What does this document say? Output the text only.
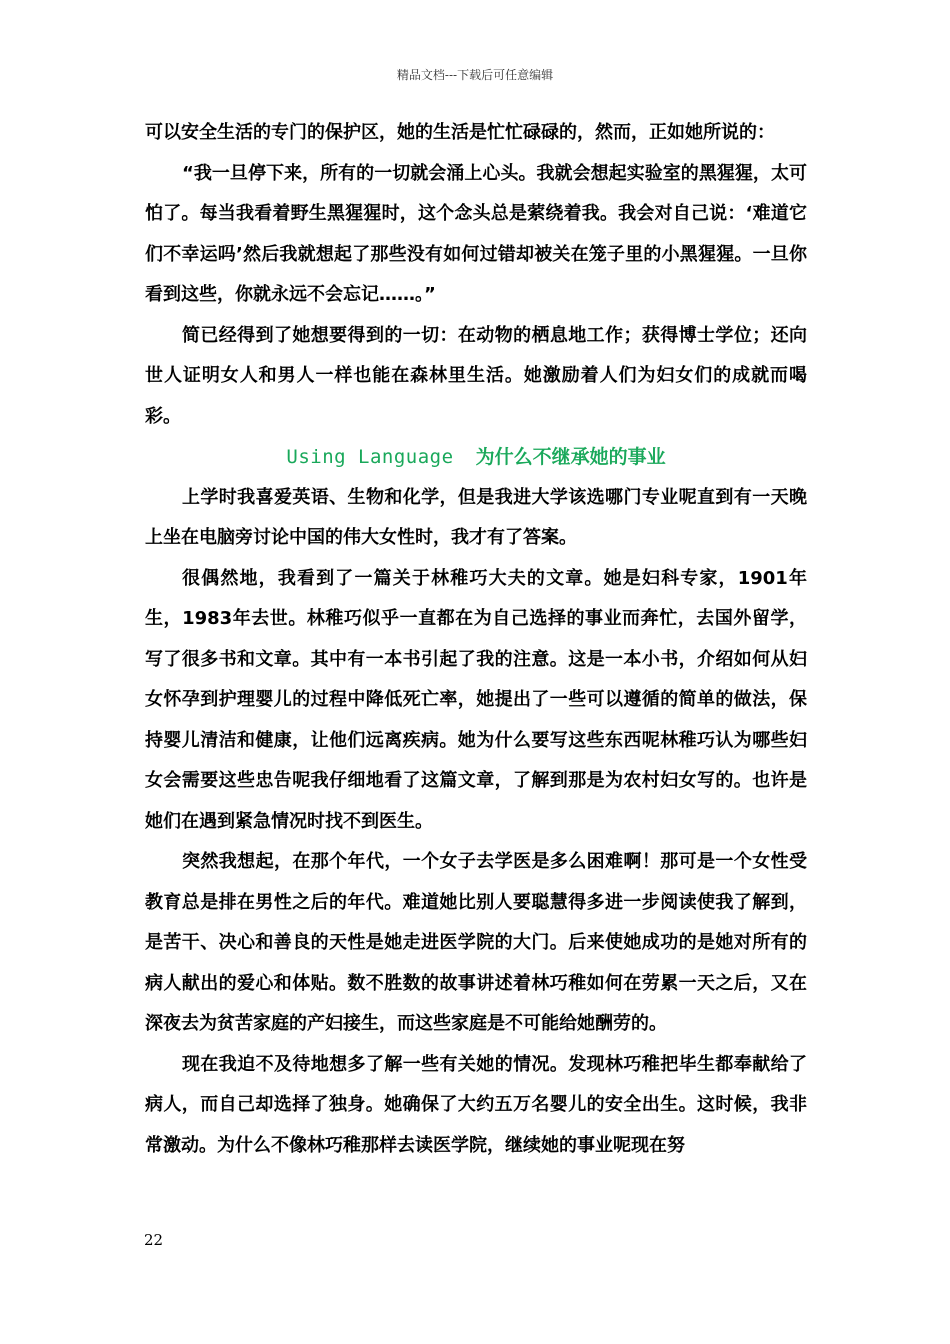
精品文档---下载后可任意编辑

可以安全生活的专门的保护区，她的生活是忙忙碌碌的，然而，正如她所说的：

“我一旦停下来，所有的一切就会涌上心头。我就会想起实验室的黑猩猩，太可怕了。每当我看着野生黑猩猩时，这个念头总是萦绕着我。我会对自己说：‘难道它们不幸运吗’然后我就想起了那些没有如何过错却被关在笼子里的小黑猩猩。一旦你看到这些，你就永远不会忘记……。”

简已经得到了她想要得到的一切：在动物的栖息地工作；获得博士学位；还向世人证明女人和男人一样也能在森林里生活。她激励着人们为妇女们的成就而喝彩。

Using Language 为什么不继承她的事业

上学时我喜爱英语、生物和化学，但是我进大学该选哪门专业呢直到有一天晚上坐在电脑旁讨论中国的伟大女性时，我才有了答案。

很偶然地，我看到了一篇关于林稚巧大夫的文章。她是妇科专家，1901年生，1983年去世。林稚巧似乎一直都在为自己选择的事业而奔忙，去国外留学，写了很多书和文章。其中有一本书引起了我的注意。这是一本小书，介绍如何从妇女怀孕到护理婴儿的过程中降低死亡率，她提出了一些可以遵循的简单的做法，保持婴儿清洁和健康，让他们远离疾病。她为什么要写这些东西呢林稚巧认为哪些妇女会需要这些忠告呢我仔细地看了这篇文章，了解到那是为农村妇女写的。也许是她们在遇到紧急情况时找不到医生。

突然我想起，在那个年代，一个女子去学医是多么困难啊！那可是一个女性受教育总是排在男性之后的年代。难道她比别人要聪慧得多进一步阅读使我了解到，是苦干、决心和善良的天性是她走进医学院的大门。后来使她成功的是她对所有的病人献出的爱心和体贴。数不胜数的故事讲述着林巧稚如何在劳累一天之后，又在深夜去为贫苦家庭的产妇接生，而这些家庭是不可能给她酬劳的。

现在我迫不及待地想多了解一些有关她的情况。发现林巧稚把毕生都奉献给了病人，而自己却选择了独身。她确保了大约五万名婴儿的安全出生。这时候，我非常激动。为什么不像林巧稚那样去读医学院，继续她的事业呢现在努

22
